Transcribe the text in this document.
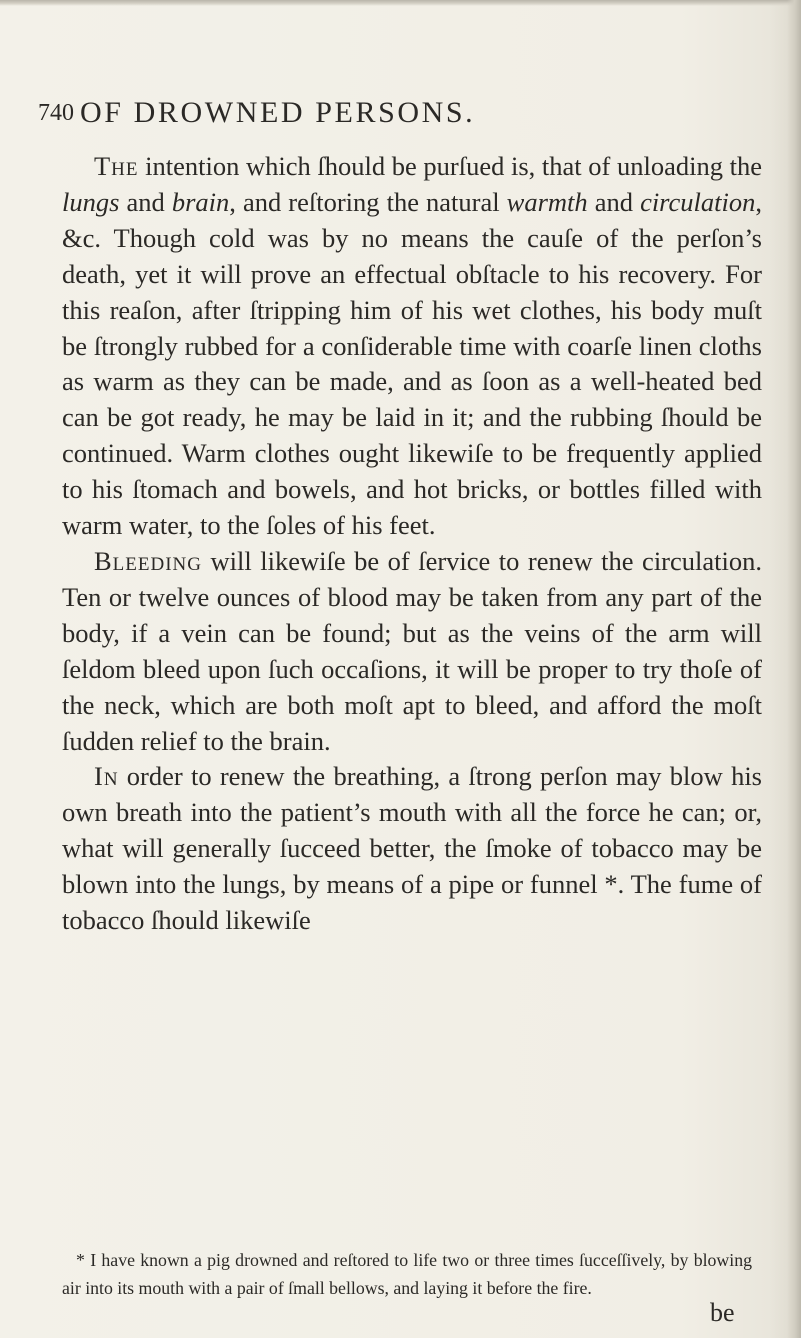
740 OF DROWNED PERSONS.

The intention which ſhould be purſued is, that of unloading the lungs and brain, and reſtoring the natural warmth and circulation, &c. Though cold was by no means the cauſe of the perſon’s death, yet it will prove an effectual obſtacle to his recovery. For this reaſon, after ſtripping him of his wet clothes, his body muſt be ſtrongly rubbed for a conſiderable time with coarſe linen cloths as warm as they can be made, and as ſoon as a well-heated bed can be got ready, he may be laid in it; and the rubbing ſhould be continued. Warm clothes ought likewiſe to be frequently applied to his ſtomach and bowels, and hot bricks, or bottles filled with warm water, to the ſoles of his feet.

Bleeding will likewiſe be of ſervice to renew the circulation. Ten or twelve ounces of blood may be taken from any part of the body, if a vein can be found; but as the veins of the arm will ſeldom bleed upon ſuch occaſions, it will be proper to try thoſe of the neck, which are both moſt apt to bleed, and afford the moſt ſudden relief to the brain.

In order to renew the breathing, a ſtrong perſon may blow his own breath into the patient’s mouth with all the force he can; or, what will generally ſucceed better, the ſmoke of tobacco may be blown into the lungs, by means of a pipe or funnel *. The fume of tobacco ſhould likewiſe

* I have known a pig drowned and reſtored to life two or three times ſucceſſively, by blowing air into its mouth with a pair of ſmall bellows, and laying it before the fire.

be
